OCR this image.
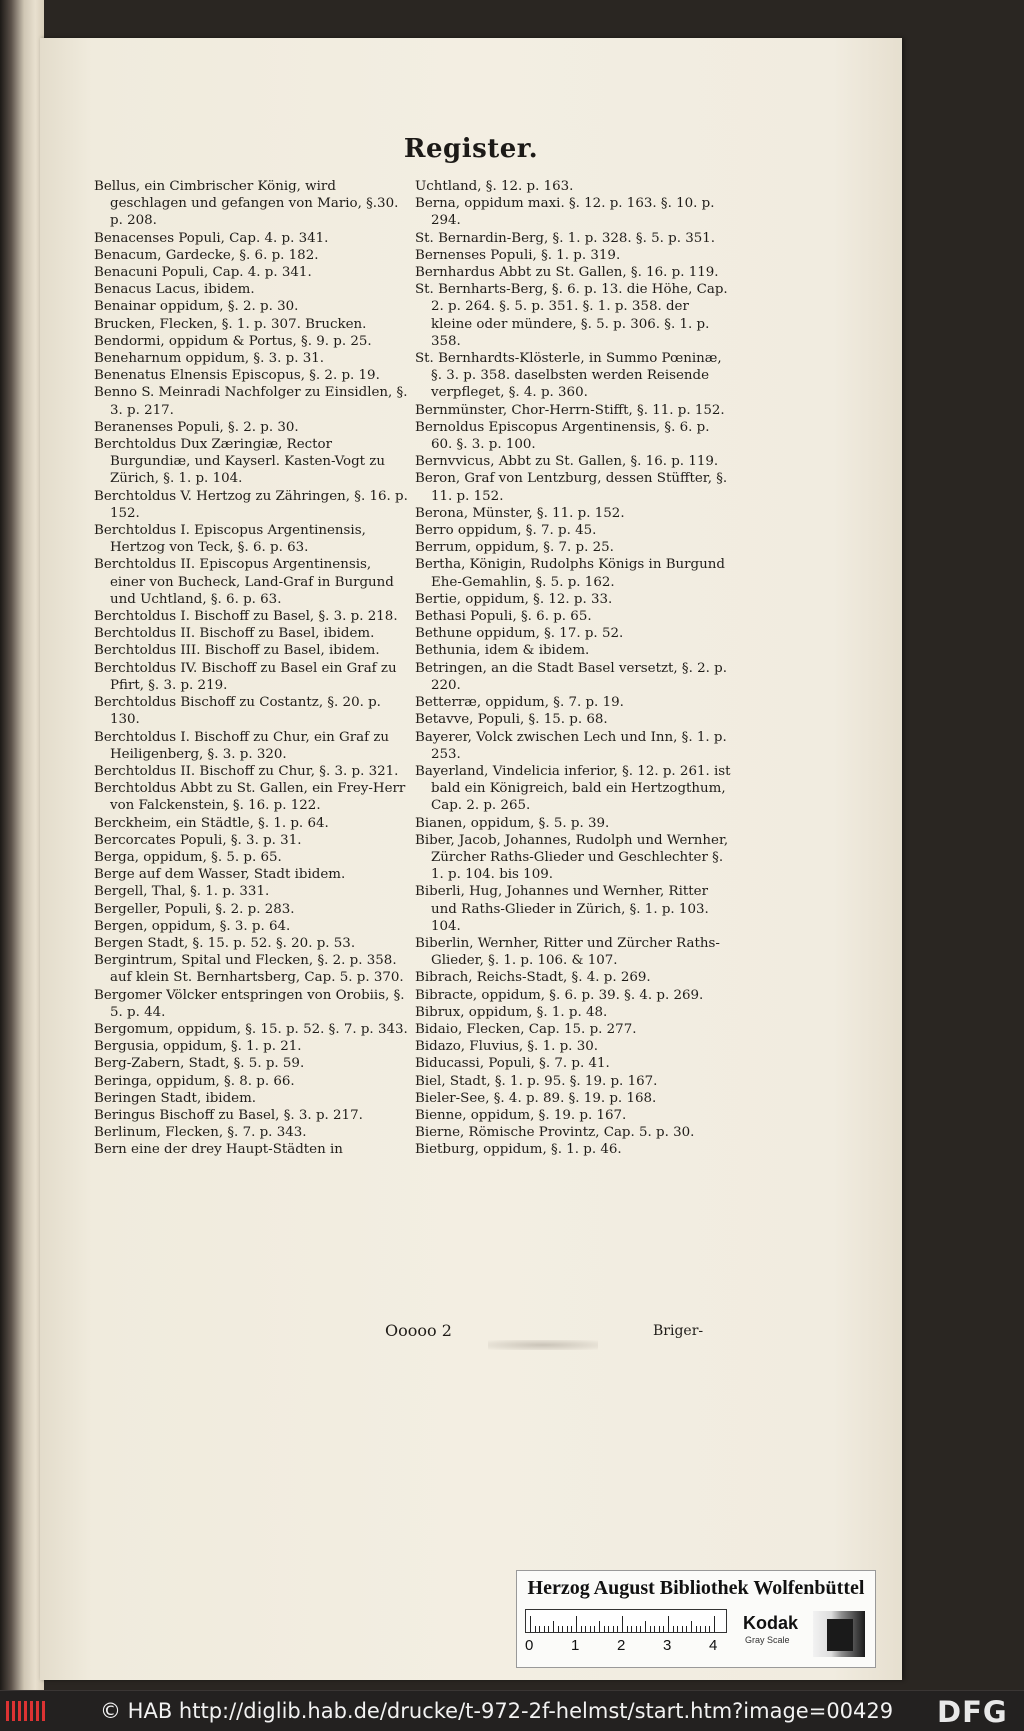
Register.

Bellus, ein Cimbrischer König, wird geschlagen und gefangen von Mario, §.30. p. 208.

Benacenses Populi, Cap. 4. p. 341.

Benacum, Gardecke, §. 6. p. 182.

Benacuni Populi, Cap. 4. p. 341.

Benacus Lacus, ibidem.

Benainar oppidum, §. 2. p. 30.

Brucken, Flecken, §. 1. p. 307. Brucken.

Bendormi, oppidum & Portus, §. 9. p. 25.

Beneharnum oppidum, §. 3. p. 31.

Benenatus Elnensis Episcopus, §. 2. p. 19.

Benno S. Meinradi Nachfolger zu Einsidlen, §. 3. p. 217.

Beranenses Populi, §. 2. p. 30.

Berchtoldus Dux Zæringiæ, Rector Burgundiæ, und Kayserl. Kasten-Vogt zu Zürich, §. 1. p. 104.

Berchtoldus V. Hertzog zu Zähringen, §. 16. p. 152.

Berchtoldus I. Episcopus Argentinensis, Hertzog von Teck, §. 6. p. 63.

Berchtoldus II. Episcopus Argentinensis, einer von Bucheck, Land-Graf in Burgund und Uchtland, §. 6. p. 63.

Berchtoldus I. Bischoff zu Basel, §. 3. p. 218.

Berchtoldus II. Bischoff zu Basel, ibidem.

Berchtoldus III. Bischoff zu Basel, ibidem.

Berchtoldus IV. Bischoff zu Basel ein Graf zu Pfirt, §. 3. p. 219.

Berchtoldus Bischoff zu Costantz, §. 20. p. 130.

Berchtoldus I. Bischoff zu Chur, ein Graf zu Heiligenberg, §. 3. p. 320.

Berchtoldus II. Bischoff zu Chur, §. 3. p. 321.

Berchtoldus Abbt zu St. Gallen, ein Frey-Herr von Falckenstein, §. 16. p. 122.

Berckheim, ein Städtle, §. 1. p. 64.

Bercorcates Populi, §. 3. p. 31.

Berga, oppidum, §. 5. p. 65.

Berge auf dem Wasser, Stadt ibidem.

Bergell, Thal, §. 1. p. 331.

Bergeller, Populi, §. 2. p. 283.

Bergen, oppidum, §. 3. p. 64.

Bergen Stadt, §. 15. p. 52. §. 20. p. 53.

Bergintrum, Spital und Flecken, §. 2. p. 358. auf klein St. Bernhartsberg, Cap. 5. p. 370.

Bergomer Völcker entspringen von Orobiis, §. 5. p. 44.

Bergomum, oppidum, §. 15. p. 52. §. 7. p. 343.

Bergusia, oppidum, §. 1. p. 21.

Berg-Zabern, Stadt, §. 5. p. 59.

Beringa, oppidum, §. 8. p. 66.

Beringen Stadt, ibidem.

Beringus Bischoff zu Basel, §. 3. p. 217.

Berlinum, Flecken, §. 7. p. 343.

Bern eine der drey Haupt-Städten in

Uchtland, §. 12. p. 163.

Berna, oppidum maxi. §. 12. p. 163. §. 10. p. 294.

St. Bernardin-Berg, §. 1. p. 328. §. 5. p. 351.

Bernenses Populi, §. 1. p. 319.

Bernhardus Abbt zu St. Gallen, §. 16. p. 119.

St. Bernharts-Berg, §. 6. p. 13. die Höhe, Cap. 2. p. 264. §. 5. p. 351. §. 1. p. 358. der kleine oder mündere, §. 5. p. 306. §. 1. p. 358.

St. Bernhardts-Klösterle, in Summo Pœninæ, §. 3. p. 358. daselbsten werden Reisende verpfleget, §. 4. p. 360.

Bernmünster, Chor-Herrn-Stifft, §. 11. p. 152.

Bernoldus Episcopus Argentinensis, §. 6. p. 60. §. 3. p. 100.

Bernvvicus, Abbt zu St. Gallen, §. 16. p. 119.

Beron, Graf von Lentzburg, dessen Stüffter, §. 11. p. 152.

Berona, Münster, §. 11. p. 152.

Berro oppidum, §. 7. p. 45.

Berrum, oppidum, §. 7. p. 25.

Bertha, Königin, Rudolphs Königs in Burgund Ehe-Gemahlin, §. 5. p. 162.

Bertie, oppidum, §. 12. p. 33.

Bethasi Populi, §. 6. p. 65.

Bethune oppidum, §. 17. p. 52.

Bethunia, idem & ibidem.

Betringen, an die Stadt Basel versetzt, §. 2. p. 220.

Betterræ, oppidum, §. 7. p. 19.

Betavve, Populi, §. 15. p. 68.

Bayerer, Volck zwischen Lech und Inn, §. 1. p. 253.

Bayerland, Vindelicia inferior, §. 12. p. 261. ist bald ein Königreich, bald ein Hertzogthum, Cap. 2. p. 265.

Bianen, oppidum, §. 5. p. 39.

Biber, Jacob, Johannes, Rudolph und Wernher, Zürcher Raths-Glieder und Geschlechter §. 1. p. 104. bis 109.

Biberli, Hug, Johannes und Wernher, Ritter und Raths-Glieder in Zürich, §. 1. p. 103. 104.

Biberlin, Wernher, Ritter und Zürcher Raths-Glieder, §. 1. p. 106. & 107.

Bibrach, Reichs-Stadt, §. 4. p. 269.

Bibracte, oppidum, §. 6. p. 39. §. 4. p. 269.

Bibrux, oppidum, §. 1. p. 48.

Bidaio, Flecken, Cap. 15. p. 277.

Bidazo, Fluvius, §. 1. p. 30.

Biducassi, Populi, §. 7. p. 41.

Biel, Stadt, §. 1. p. 95. §. 19. p. 167.

Bieler-See, §. 4. p. 89. §. 19. p. 168.

Bienne, oppidum, §. 19. p. 167.

Bierne, Römische Provintz, Cap. 5. p. 30.

Bietburg, oppidum, §. 1. p. 46.

Ooooo 2	Briger-
Herzog August Bibliothek Wolfenbüttel
0	1	2	3	4
Kodak
Gray Scale
© HAB http://diglib.hab.de/drucke/t-972-2f-helmst/start.htm?image=00429 DFG
